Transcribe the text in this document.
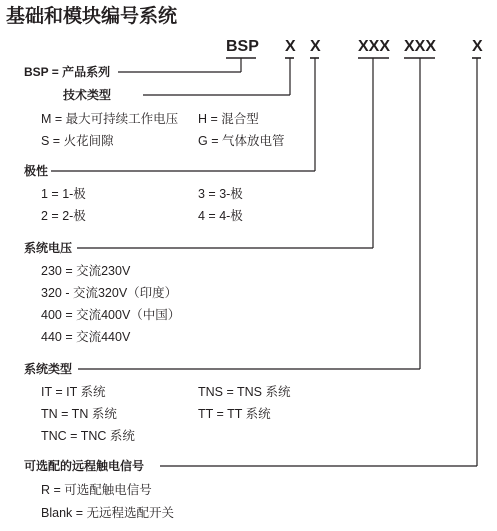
基础和模块编号系统
BSP X X XXX XXX X
BSP = 产品系列
技术类型
M = 最大可持续工作电压 H = 混合型
S = 火花间隙	G = 气体放电管
极性
1 = 1-极	3 = 3-极
2 = 2-极	4 = 4-极
系统电压
230 = 交流230V
320 - 交流320V（印度）
400 = 交流400V（中国）
440 = 交流440V
系统类型
IT = IT 系统	TNS = TNS 系统
TN = TN 系统	TT = TT 系统
TNC = TNC 系统
可选配的远程触电信号
R = 可选配触电信号
Blank = 无远程选配开关
